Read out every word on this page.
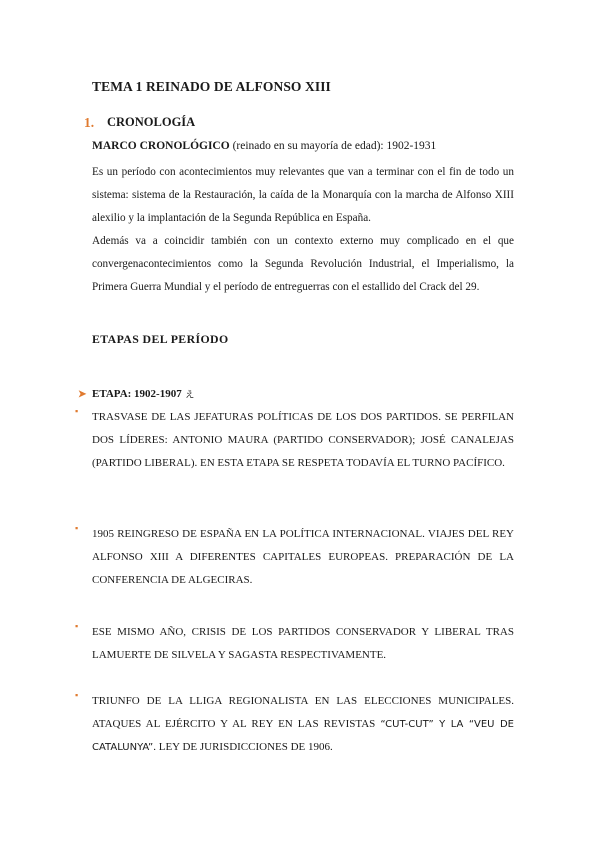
TEMA 1 REINADO DE ALFONSO XIII
1. CRONOLOGÍA

MARCO CRONOLÓGICO (reinado en su mayoría de edad): 1902-1931

Es un período con acontecimientos muy relevantes que van a terminar con el fin de todo un sistema: sistema de la Restauración, la caída de la Monarquía con la marcha de Alfonso XIII alexilio y la implantación de la Segunda República en España.

Además va a coincidir también con un contexto externo muy complicado en el que convergenacontecimientos como la Segunda Revolución Industrial, el Imperialismo, la Primera Guerra Mundial y el período de entreguerras con el estallido del Crack del 29.

ETAPAS DEL PERÍODO
➤ ETAPA: 1902-1907 ぇ
▪ TRASVASE DE LAS JEFATURAS POLÍTICAS DE LOS DOS PARTIDOS. SE PERFILAN DOS LÍDERES: ANTONIO MAURA (PARTIDO CONSERVADOR); JOSÉ CANALEJAS (PARTIDO LIBERAL). EN ESTA ETAPA SE RESPETA TODAVÍA EL TURNO PACÍFICO.

▪ 1905 REINGRESO DE ESPAÑA EN LA POLÍTICA INTERNACIONAL. VIAJES DEL REY ALFONSO XIII A DIFERENTES CAPITALES EUROPEAS. PREPARACIÓN DE LA CONFERENCIA DE ALGECIRAS.

▪ ESE MISMO AÑO, CRISIS DE LOS PARTIDOS CONSERVADOR Y LIBERAL TRAS LAMUERTE DE SILVELA Y SAGASTA RESPECTIVAMENTE.

▪ TRIUNFO DE LA LLIGA REGIONALISTA EN LAS ELECCIONES MUNICIPALES. ATAQUES AL EJÉRCITO Y AL REY EN LAS REVISTAS “CUT-CUT” Y LA “VEU DE CATALUNYA”. LEY DE JURISDICCIONES DE 1906.
